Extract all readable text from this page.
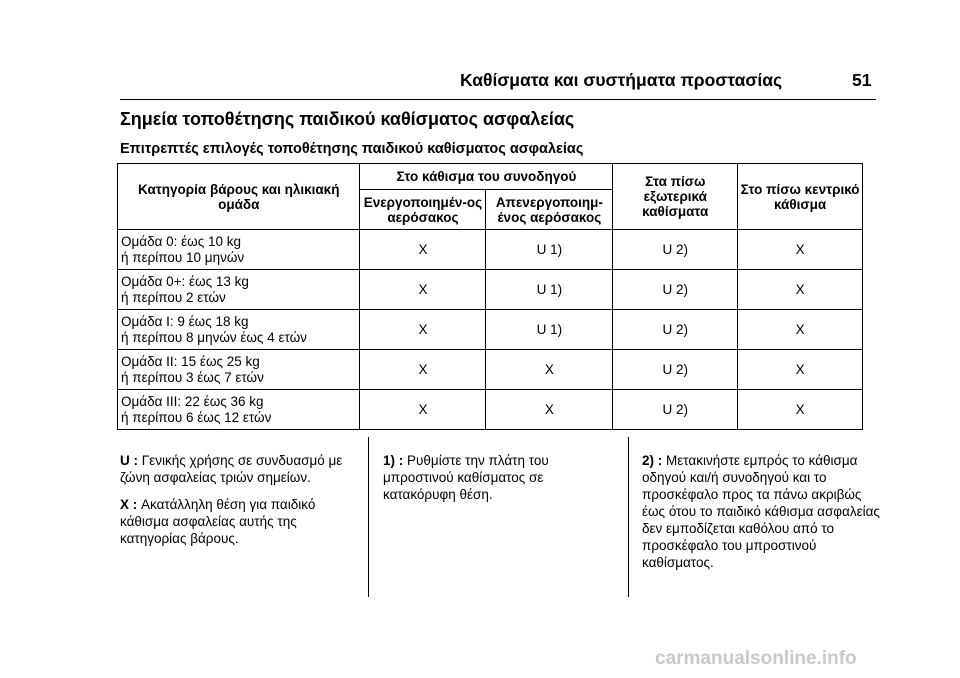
Καθίσματα και συστήματα προστασίας	51
Σημεία τοποθέτησης παιδικού καθίσματος ασφαλείας
Επιτρεπτές επιλογές τοποθέτησης παιδικού καθίσματος ασφαλείας
Κατηγορία βάρους και ηλικιακή ομάδα	Στο κάθισμα του συνοδηγού		Στα πίσω εξωτερικά καθίσματα	Στο πίσω κεντρικό κάθισμα
	Ενεργοποιημέν-ος αερόσακος	Απενεργοποιημ-ένος αερόσακος		
Ομάδα 0: έως 10 kg
ή περίπου 10 μηνών	X	U 1)	U 2)	X
Ομάδα 0+: έως 13 kg
ή περίπου 2 ετών	X	U 1)	U 2)	X
Ομάδα I: 9 έως 18 kg
ή περίπου 8 μηνών έως 4 ετών	X	U 1)	U 2)	X
Ομάδα II: 15 έως 25 kg
ή περίπου 3 έως 7 ετών	X	X	U 2)	X
Ομάδα III: 22 έως 36 kg
ή περίπου 6 έως 12 ετών	X	X	U 2)	X

U : Γενικής χρήσης σε συνδυασμό με ζώνη ασφαλείας τριών σημείων.

X : Ακατάλληλη θέση για παιδικό κάθισμα ασφαλείας αυτής της κατηγορίας βάρους.

1) : Ρυθμίστε την πλάτη του μπροστινού καθίσματος σε κατακόρυφη θέση.

2) : Μετακινήστε εμπρός το κάθισμα οδηγού και/ή συνοδηγού και το προσκέφαλο προς τα πάνω ακριβώς έως ότου το παιδικό κάθισμα ασφαλείας δεν εμποδίζεται καθόλου από το προσκέφαλο του μπροστινού καθίσματος.

carmanualsonline.info
